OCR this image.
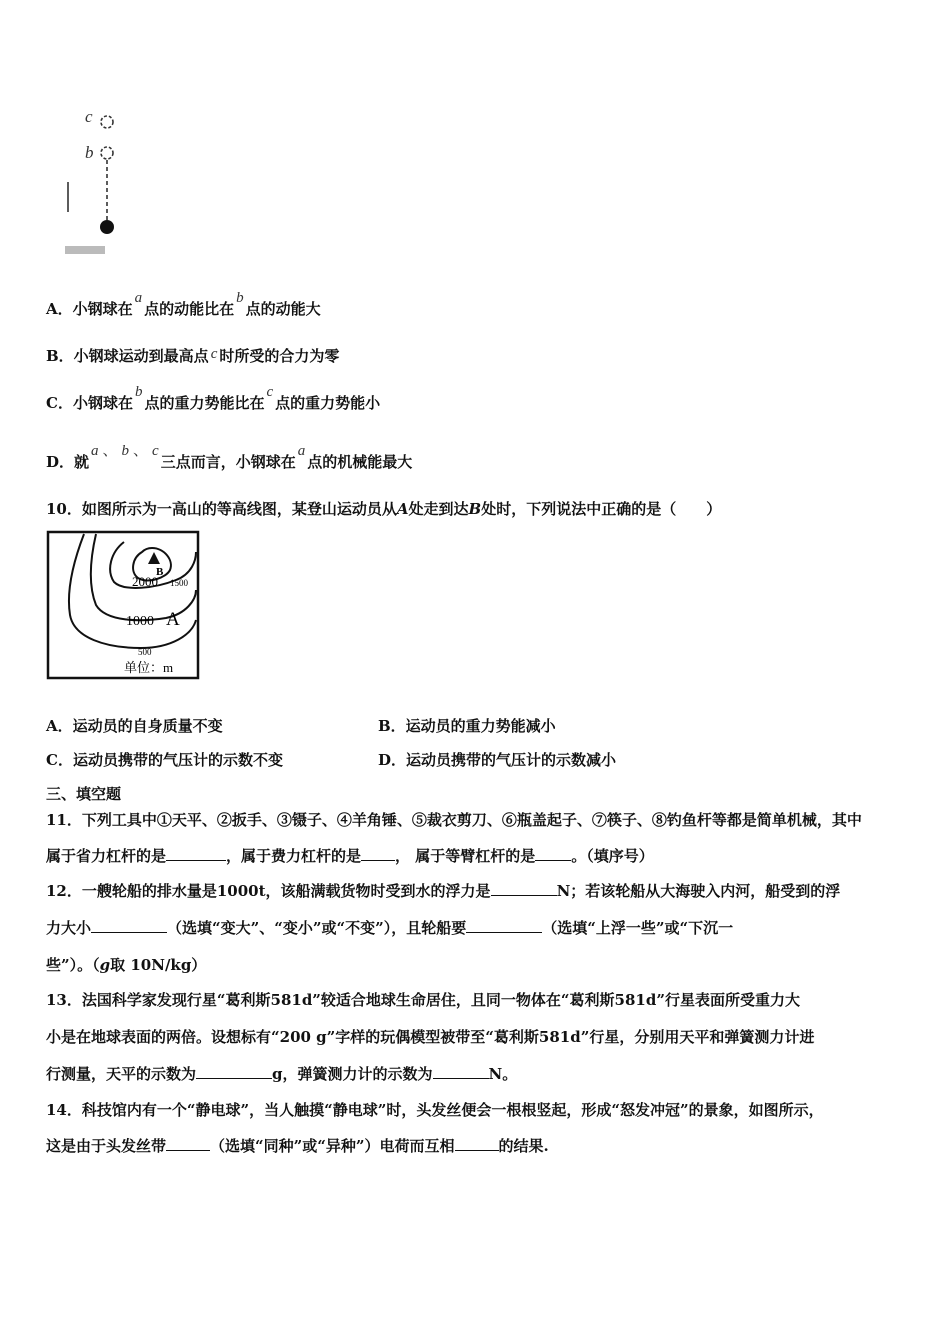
c
b
A．小钢球在a点的动能比在b点的动能大
B．小钢球运动到最高点 c 时所受的合力为零
C．小钢球在b点的重力势能比在c点的重力势能小
D．就a 、 b 、 c三点而言，小钢球在a点的机械能最大
10．如图所示为一高山的等高线图，某登山运动员从A处走到达B处时，下列说法中正确的是（　　）
B
2000 1500
1000 A
500
单位：m
A．运动员的自身质量不变	B．运动员的重力势能减小
C．运动员携带的气压计的示数不变	D．运动员携带的气压计的示数减小
三、填空题
11．下列工具中①天平、②扳手、③镊子、④羊角锤、⑤裁衣剪刀、⑥瓶盖起子、⑦筷子、⑧钓鱼杆等都是简单机械，其中
属于省力杠杆的是	，属于费力杠杆的是 ， 属于等臂杠杆的是 。（填序号）
12．一艘轮船的排水量是1000t，该船满载货物时受到水的浮力是	N；若该轮船从大海驶入内河，船受到的浮
力大小	（选填“变大”、“变小”或“不变”），且轮船要	（选填“上浮一些”或“下沉一
些”）。（g取 10N/kg）
13．法国科学家发现行星“葛利斯581d”较适合地球生命居住，且同一物体在“葛利斯581d”行星表面所受重力大
小是在地球表面的两倍。设想标有“200 g”字样的玩偶模型被带至“葛利斯581d”行星，分别用天平和弹簧测力计进
行测量，天平的示数为	g，弹簧测力计的示数为	N。
14．科技馆内有一个“静电球”，当人触摸“静电球”时，头发丝便会一根根竖起，形成“怒发冲冠”的景象，如图所示，
这是由于头发丝带	（选填“同种”或“异种”）电荷而互相	的结果.
